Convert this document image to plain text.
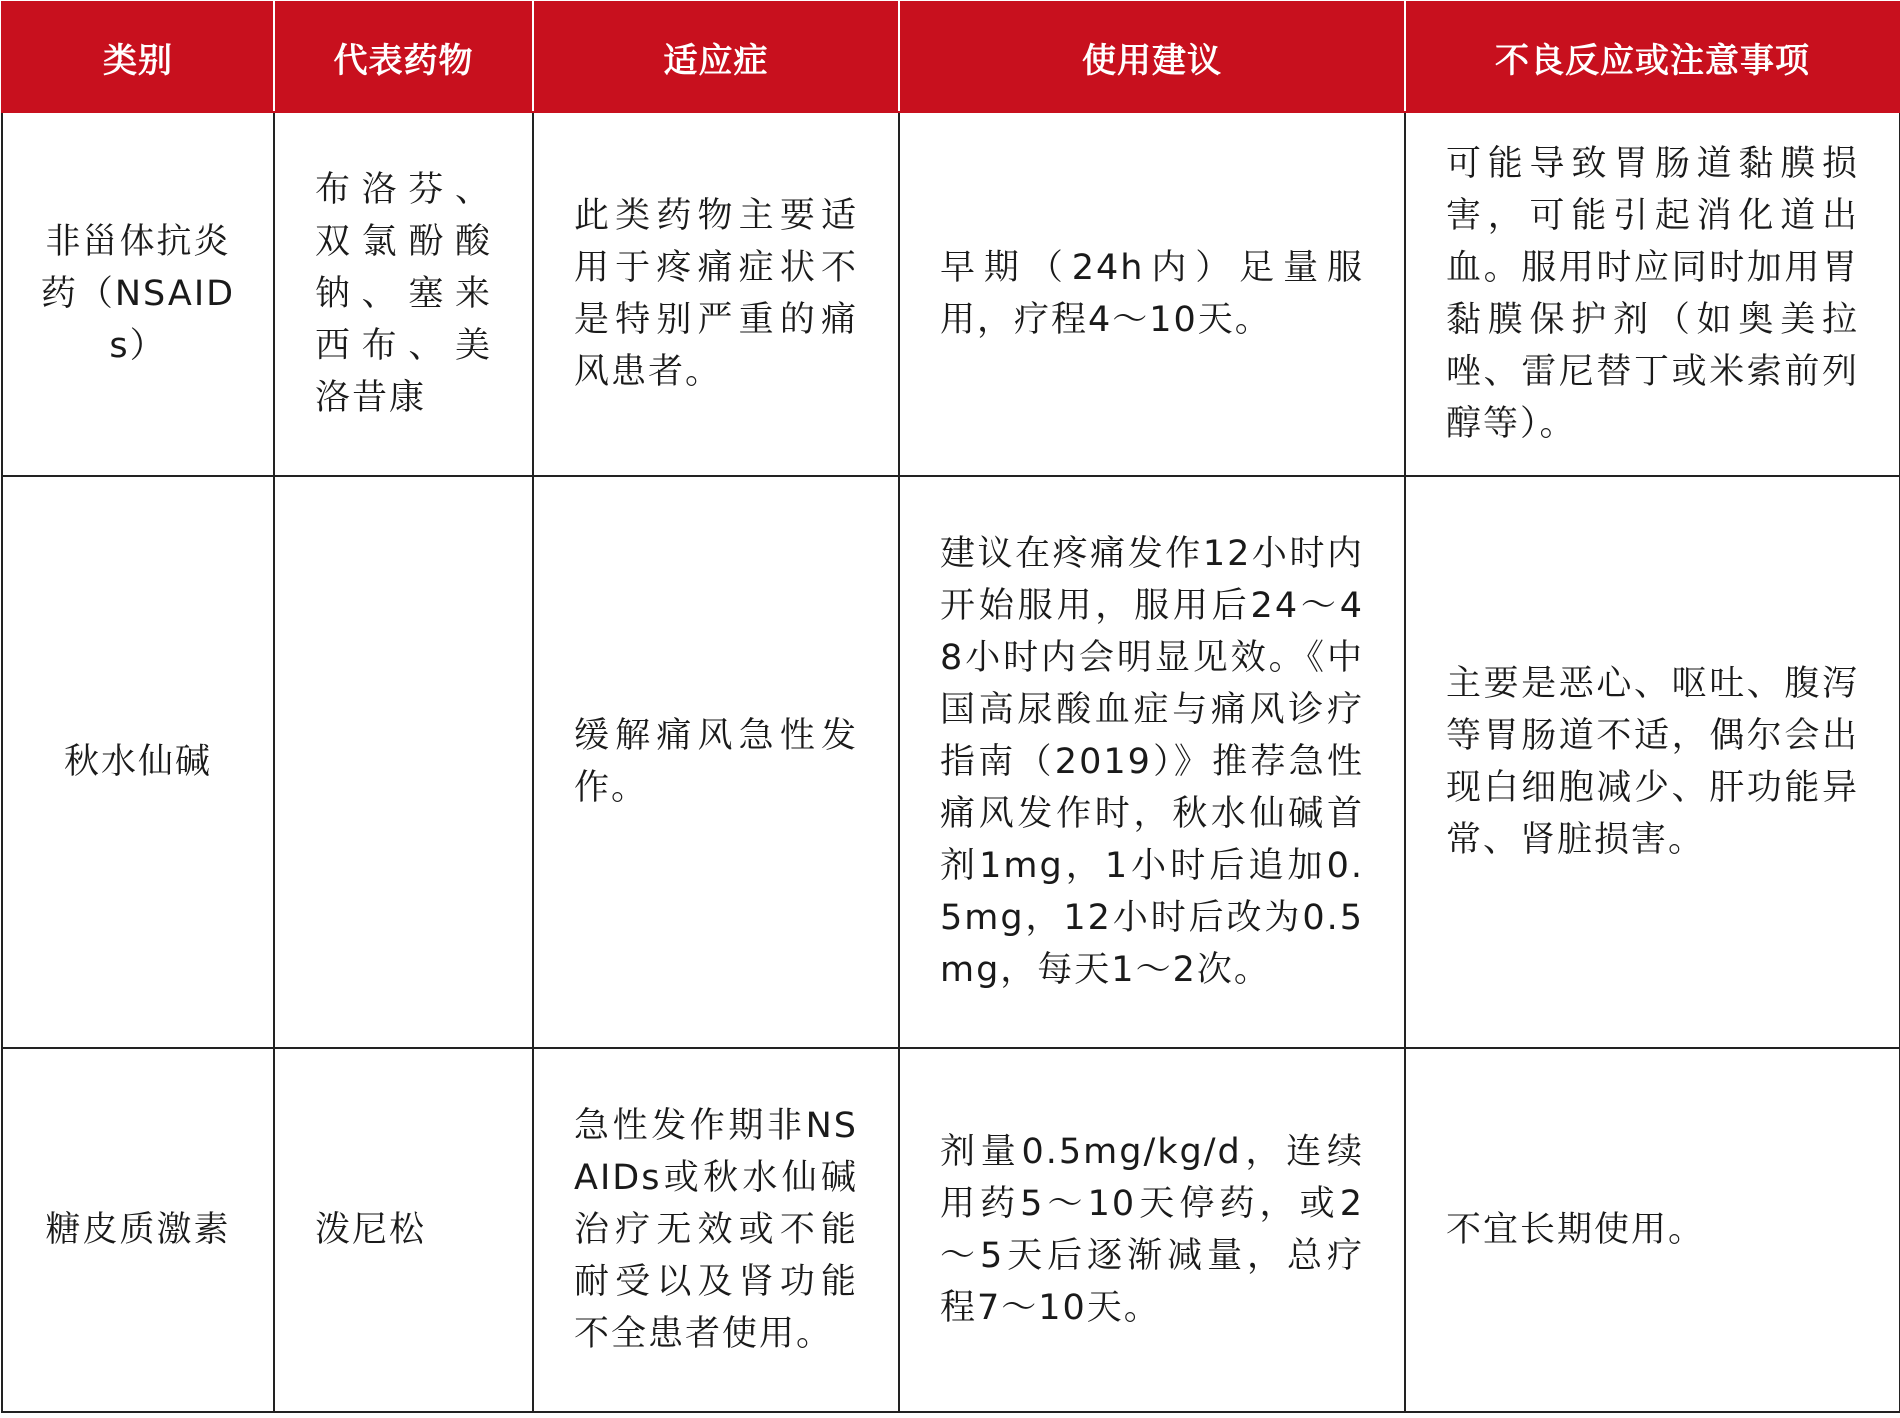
类别	代表药物	适应症	使用建议	不良反应或注意事项
非甾体抗炎药（NSAIDs）	布洛芬、双氯酚酸钠、塞来西布、美洛昔康	此类药物主要适用于疼痛症状不是特别严重的痛风患者。	早期（24h内）足量服用，疗程4～10天。	可能导致胃肠道黏膜损害，可能引起消化道出血。服用时应同时加用胃黏膜保护剂（如奥美拉唑、雷尼替丁或米索前列醇等）。
秋水仙碱		缓解痛风急性发作。	建议在疼痛发作12小时内开始服用，服用后24～48小时内会明显见效。《中国高尿酸血症与痛风诊疗指南（2019）》推荐急性痛风发作时，秋水仙碱首剂1mg，1小时后追加0.5mg，12小时后改为0.5mg，每天1～2次。	主要是恶心、呕吐、腹泻等胃肠道不适，偶尔会出现白细胞减少、肝功能异常、肾脏损害。
糖皮质激素	泼尼松	急性发作期非NSAIDs或秋水仙碱治疗无效或不能耐受以及肾功能不全患者使用。	剂量0.5mg/kg/d，连续用药5～10天停药，或2～5天后逐渐减量，总疗程7～10天。	不宜长期使用。
